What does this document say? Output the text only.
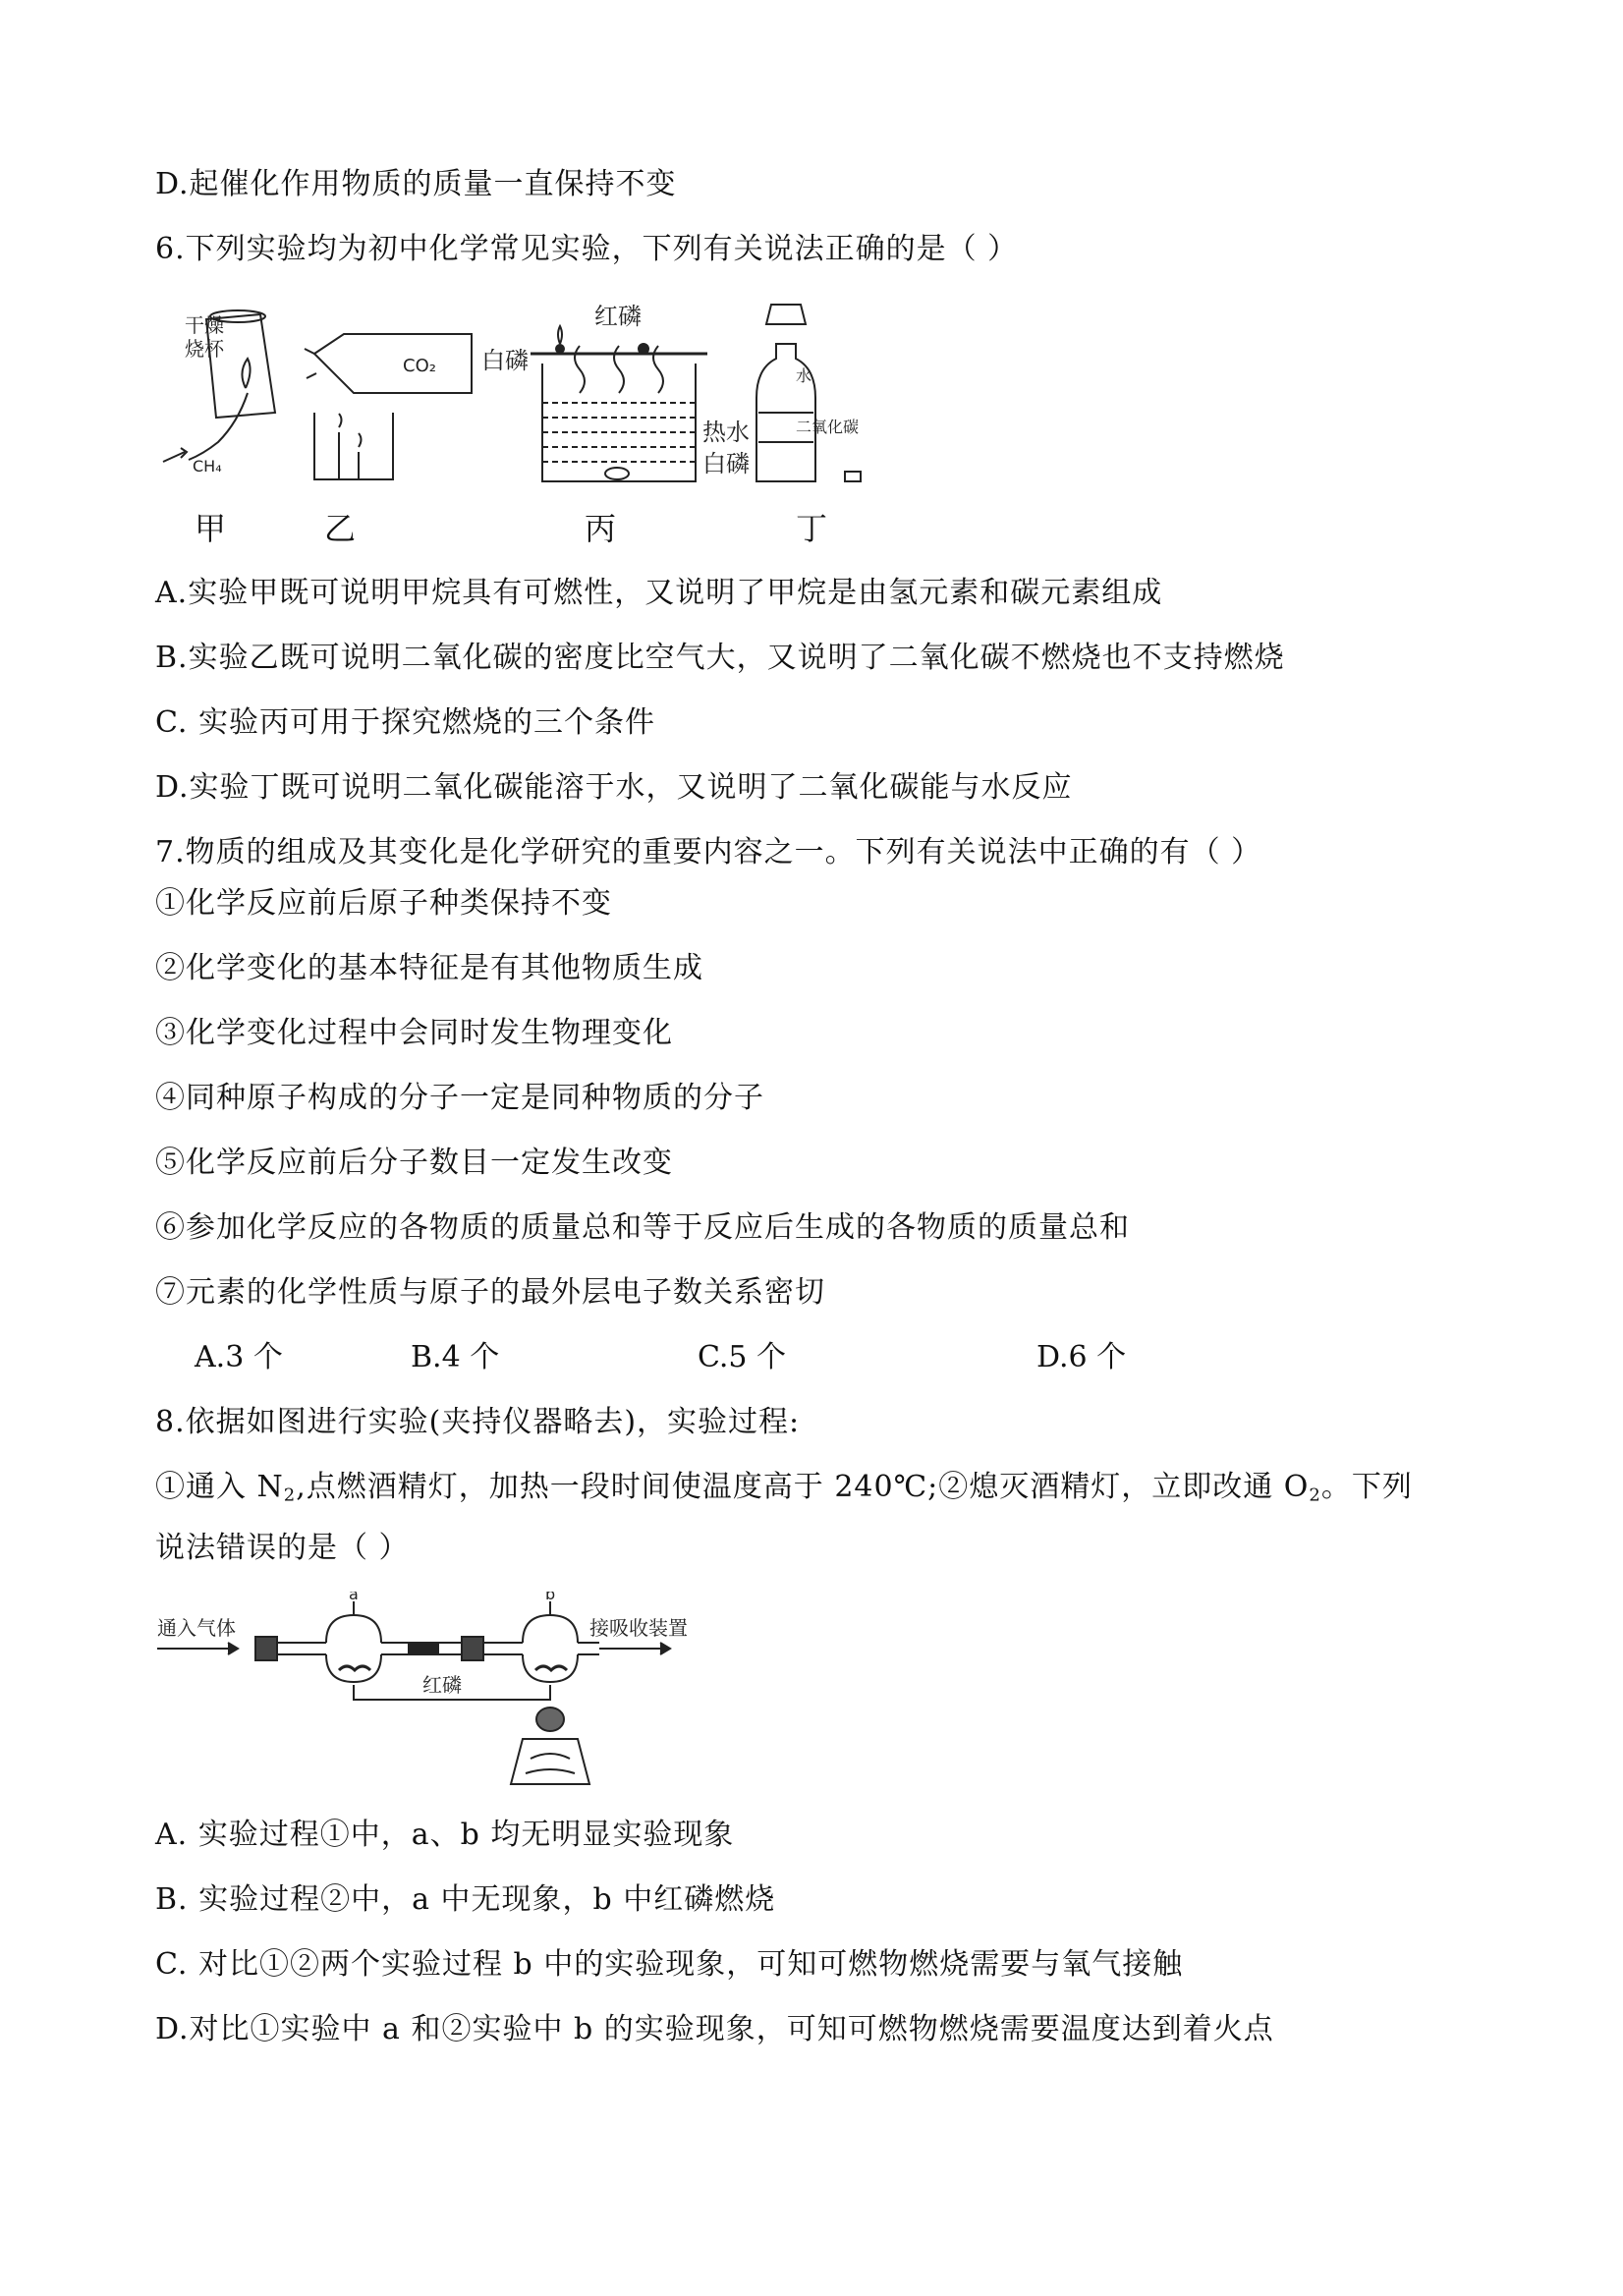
D.起催化作用物质的质量一直保持不变
6.下列实验均为初中化学常见实验，下列有关说法正确的是（ ）
干燥
烧杯
CH₄
CO₂ 白磷
红磷
热水
白磷
水
二氧化碳
甲	乙	丙	丁
A.实验甲既可说明甲烷具有可燃性，又说明了甲烷是由氢元素和碳元素组成
B.实验乙既可说明二氧化碳的密度比空气大，又说明了二氧化碳不燃烧也不支持燃烧
C. 实验丙可用于探究燃烧的三个条件
D.实验丁既可说明二氧化碳能溶于水，又说明了二氧化碳能与水反应
7.物质的组成及其变化是化学研究的重要内容之一。下列有关说法中正确的有（ ）
①化学反应前后原子种类保持不变
②化学变化的基本特征是有其他物质生成
③化学变化过程中会同时发生物理变化
④同种原子构成的分子一定是同种物质的分子
⑤化学反应前后分子数目一定发生改变
⑥参加化学反应的各物质的质量总和等于反应后生成的各物质的质量总和
⑦元素的化学性质与原子的最外层电子数关系密切
A.3 个	B.4 个	C.5 个	D.6 个
8.依据如图进行实验(夹持仪器略去)，实验过程:
①通入 $N_2$,点燃酒精灯，加热一段时间使温度高于 240℃;②熄灭酒精灯，立即改通 $O_2$。下列
说法错误的是（ ）
通入气体	接吸收装置
a	b
红磷
A. 实验过程①中，a、b 均无明显实验现象
B. 实验过程②中，a 中无现象，b 中红磷燃烧
C. 对比①②两个实验过程 b 中的实验现象，可知可燃物燃烧需要与氧气接触
D.对比①实验中 a 和②实验中 b 的实验现象，可知可燃物燃烧需要温度达到着火点
